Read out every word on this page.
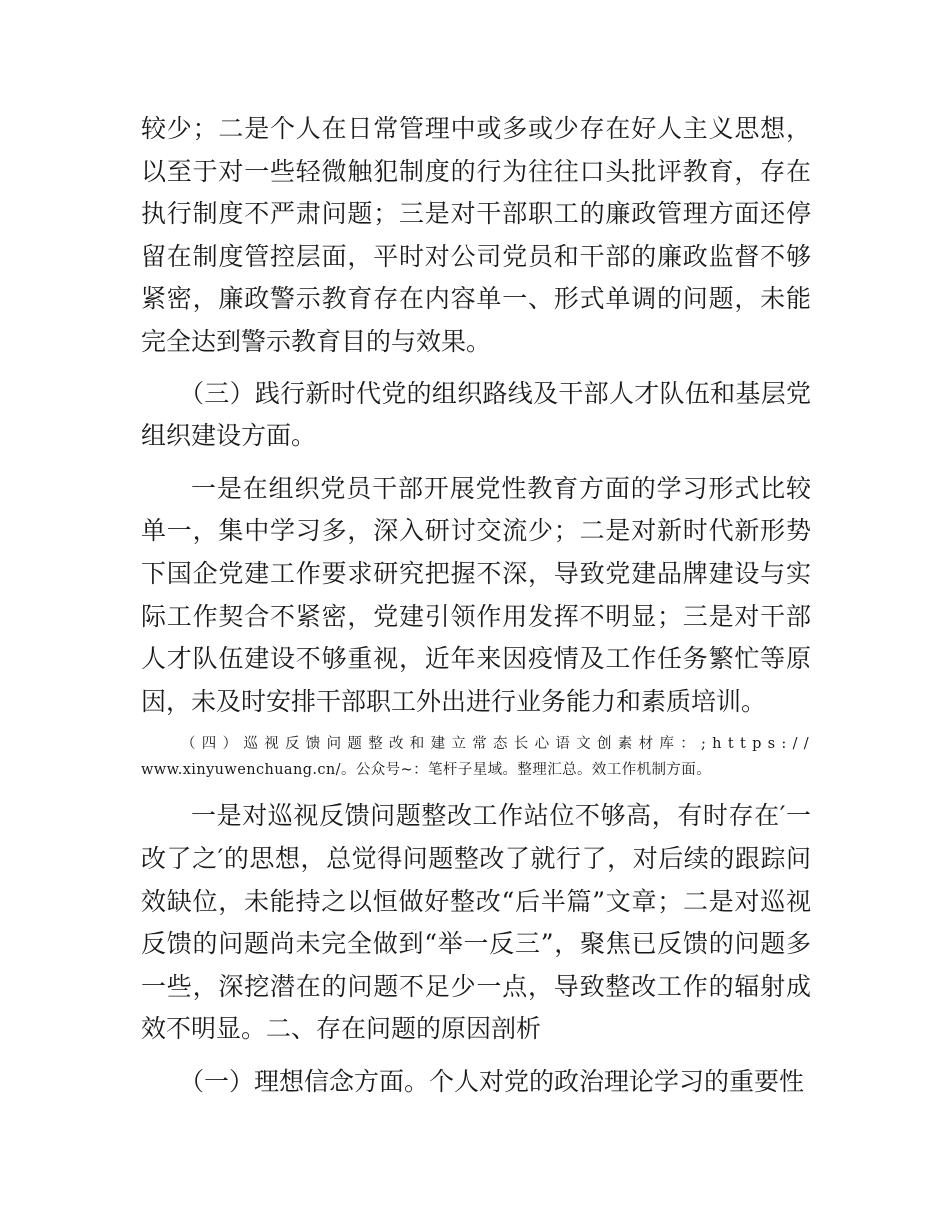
较少；二是个人在日常管理中或多或少存在好人主义思想，以至于对一些轻微触犯制度的行为往往口头批评教育，存在执行制度不严肃问题；三是对干部职工的廉政管理方面还停留在制度管控层面，平时对公司党员和干部的廉政监督不够紧密，廉政警示教育存在内容单一、形式单调的问题，未能完全达到警示教育目的与效果。

（三）践行新时代党的组织路线及干部人才队伍和基层党组织建设方面。

一是在组织党员干部开展党性教育方面的学习形式比较单一，集中学习多，深入研讨交流少；二是对新时代新形势下国企党建工作要求研究把握不深，导致党建品牌建设与实际工作契合不紧密，党建引领作用发挥不明显；三是对干部人才队伍建设不够重视，近年来因疫情及工作任务繁忙等原因，未及时安排干部职工外出进行业务能力和素质培训。

（四）巡视反馈问题整改和建立常态长心语文创素材库：;https://
www.xinyuwenchuang.cn/。公众号~：笔杆子星域。整理汇总。效工作机制方面。

一是对巡视反馈问题整改工作站位不够高，有时存在′一改了之′的思想，总觉得问题整改了就行了，对后续的跟踪问效缺位，未能持之以恒做好整改“后半篇”文章；二是对巡视反馈的问题尚未完全做到“举一反三”，聚焦已反馈的问题多一些，深挖潜在的问题不足少一点，导致整改工作的辐射成效不明显。二、存在问题的原因剖析

（一）理想信念方面。个人对党的政治理论学习的重要性
